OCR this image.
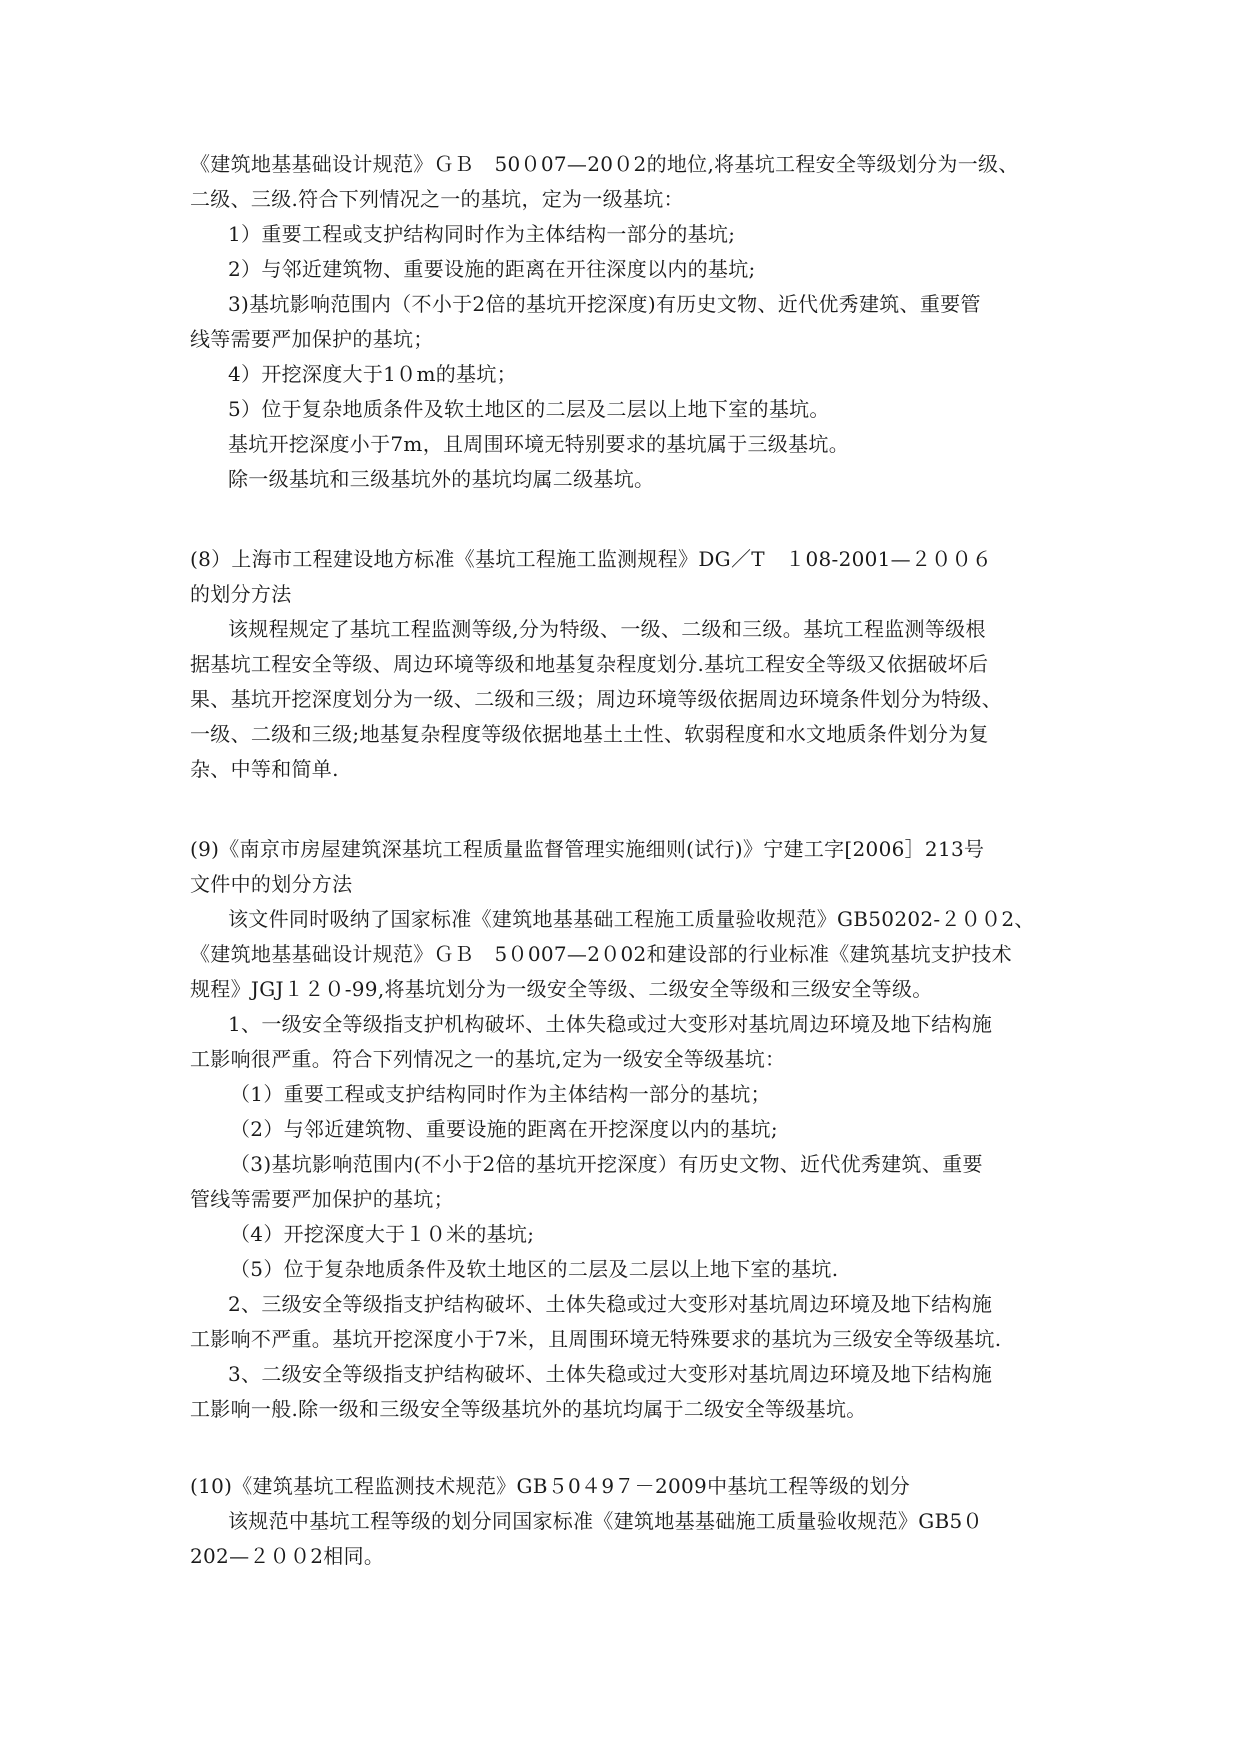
《建筑地基基础设计规范》ＧＢ　50０07—20０2的地位,将基坑工程安全等级划分为一级、
二级、三级.符合下列情况之一的基坑，定为一级基坑：
1）重要工程或支护结构同时作为主体结构一部分的基坑;
2）与邻近建筑物、重要设施的距离在开往深度以内的基坑;
3)基坑影响范围内（不小于2倍的基坑开挖深度)有历史文物、近代优秀建筑、重要管
线等需要严加保护的基坑；
4）开挖深度大于1０m的基坑；
5）位于复杂地质条件及软土地区的二层及二层以上地下室的基坑。
基坑开挖深度小于7m，且周围环境无特别要求的基坑属于三级基坑。
除一级基坑和三级基坑外的基坑均属二级基坑。
(8）上海市工程建设地方标准《基坑工程施工监测规程》DG／T　１08-2001—２００６
的划分方法
该规程规定了基坑工程监测等级,分为特级、一级、二级和三级。基坑工程监测等级根
据基坑工程安全等级、周边环境等级和地基复杂程度划分.基坑工程安全等级又依据破坏后
果、基坑开挖深度划分为一级、二级和三级；周边环境等级依据周边环境条件划分为特级、
一级、二级和三级;地基复杂程度等级依据地基土土性、软弱程度和水文地质条件划分为复
杂、中等和简单.
(9)《南京市房屋建筑深基坑工程质量监督管理实施细则(试行)》宁建工字[2006］213号
文件中的划分方法
该文件同时吸纳了国家标准《建筑地基基础工程施工质量验收规范》GB50202-２００2、
《建筑地基基础设计规范》ＧＢ　5０007—2０02和建设部的行业标准《建筑基坑支护技术
规程》JGJ１２０-99,将基坑划分为一级安全等级、二级安全等级和三级安全等级。
1、一级安全等级指支护机构破坏、土体失稳或过大变形对基坑周边环境及地下结构施
工影响很严重。符合下列情况之一的基坑,定为一级安全等级基坑：
（1）重要工程或支护结构同时作为主体结构一部分的基坑；
（2）与邻近建筑物、重要设施的距离在开挖深度以内的基坑;
（3)基坑影响范围内(不小于2倍的基坑开挖深度）有历史文物、近代优秀建筑、重要
管线等需要严加保护的基坑；
（4）开挖深度大于１０米的基坑;
（5）位于复杂地质条件及软土地区的二层及二层以上地下室的基坑.
2、三级安全等级指支护结构破坏、土体失稳或过大变形对基坑周边环境及地下结构施
工影响不严重。基坑开挖深度小于7米，且周围环境无特殊要求的基坑为三级安全等级基坑.
3、二级安全等级指支护结构破坏、土体失稳或过大变形对基坑周边环境及地下结构施
工影响一般.除一级和三级安全等级基坑外的基坑均属于二级安全等级基坑。
(10)《建筑基坑工程监测技术规范》GB５0４9７－2009中基坑工程等级的划分
该规范中基坑工程等级的划分同国家标准《建筑地基基础施工质量验收规范》GB5０
202—２００2相同。
